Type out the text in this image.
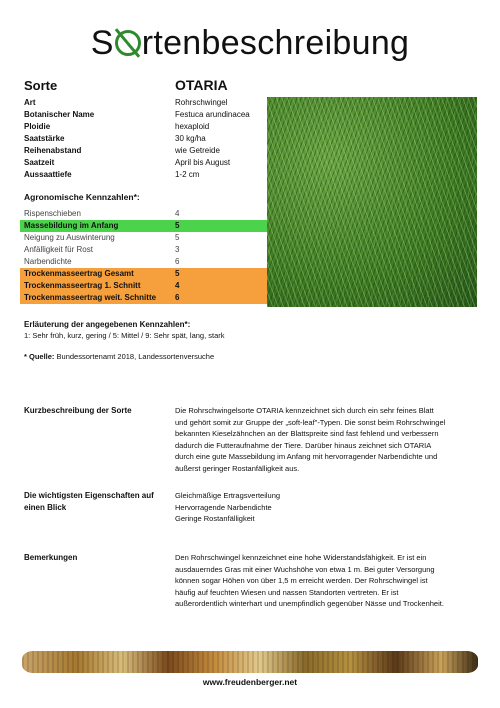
S rtenbeschreibung
Sorte	OTARIA
Art	Rohrschwingel
Botanischer Name	Festuca arundinacea
Ploidie	hexaploid
Saatstärke	30 kg/ha
Reihenabstand	wie Getreide
Saatzeit	April bis August
Aussaattiefe	1-2 cm
Agronomische Kennzahlen*:
Rispenschieben	4
Massebildung im Anfang	5
Neigung zu Auswinterung	5
Anfälligkeit für Rost	3
Narbendichte	6
Trockenmasseertrag Gesamt	5
Trockenmasseertrag 1. Schnitt	4
Trockenmasseertrag weit. Schnitte	6
Erläuterung der angegebenen Kennzahlen*:
1: Sehr früh, kurz, gering / 5: Mittel / 9: Sehr spät, lang, stark
* Quelle: Bundessortenamt 2018, Landessortenversuche
Kurzbeschreibung der Sorte	Die Rohrschwingelsorte OTARIA kennzeichnet sich durch ein sehr feines Blatt
und gehört somit zur Gruppe der „soft-leaf"-Typen. Die sonst beim Rohrschwingel
bekannten Kieselzähnchen an der Blattspreite sind fast fehlend und verbessern
dadurch die Futteraufnahme der Tiere. Darüber hinaus zeichnet sich OTARIA
durch eine gute Massebildung im Anfang mit hervorragender Narbendichte und
äußerst geringer Rostanfälligkeit aus.
Die wichtigsten Eigenschaften auf
einen Blick
Gleichmäßige Ertragsverteilung
Hervorragende Narbendichte
Geringe Rostanfälligkeit
Bemerkungen	Den Rohrschwingel kennzeichnet eine hohe Widerstandsfähigkeit. Er ist ein
ausdauerndes Gras mit einer Wuchshöhe von etwa 1 m. Bei guter Versorgung
können sogar Höhen von über 1,5 m erreicht werden. Der Rohrschwingel ist
häufig auf feuchten Wiesen und nassen Standorten vertreten. Er ist
außerordentlich winterhart und unempfindlich gegenüber Nässe und Trockenheit.
www.freudenberger.net
